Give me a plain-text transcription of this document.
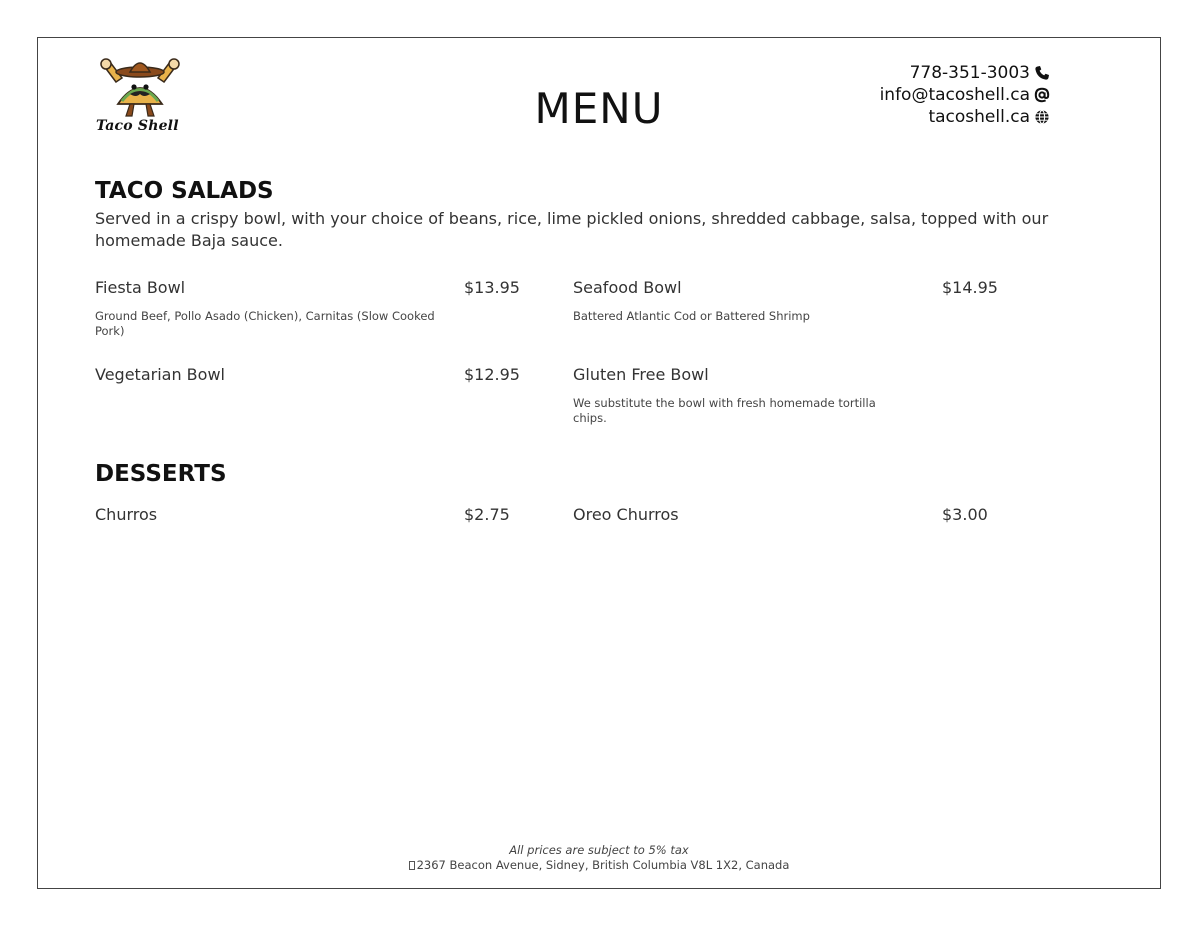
Taco Shell	MENU
778-351-3003
info@tacoshell.ca
tacoshell.ca
TACO SALADS
Served in a crispy bowl, with your choice of beans, rice, lime pickled onions, shredded cabbage, salsa, topped with our homemade Baja sauce.
Fiesta Bowl	$13.95
Ground Beef, Pollo Asado (Chicken), Carnitas (Slow Cooked Pork)
Seafood Bowl	$14.95
Battered Atlantic Cod or Battered Shrimp
Vegetarian Bowl	$12.95	Gluten Free Bowl
We substitute the bowl with fresh homemade tortilla chips.
DESSERTS
Churros	$2.75	Oreo Churros	$3.00
All prices are subject to 5% tax
2367 Beacon Avenue, Sidney, British Columbia V8L 1X2, Canada
